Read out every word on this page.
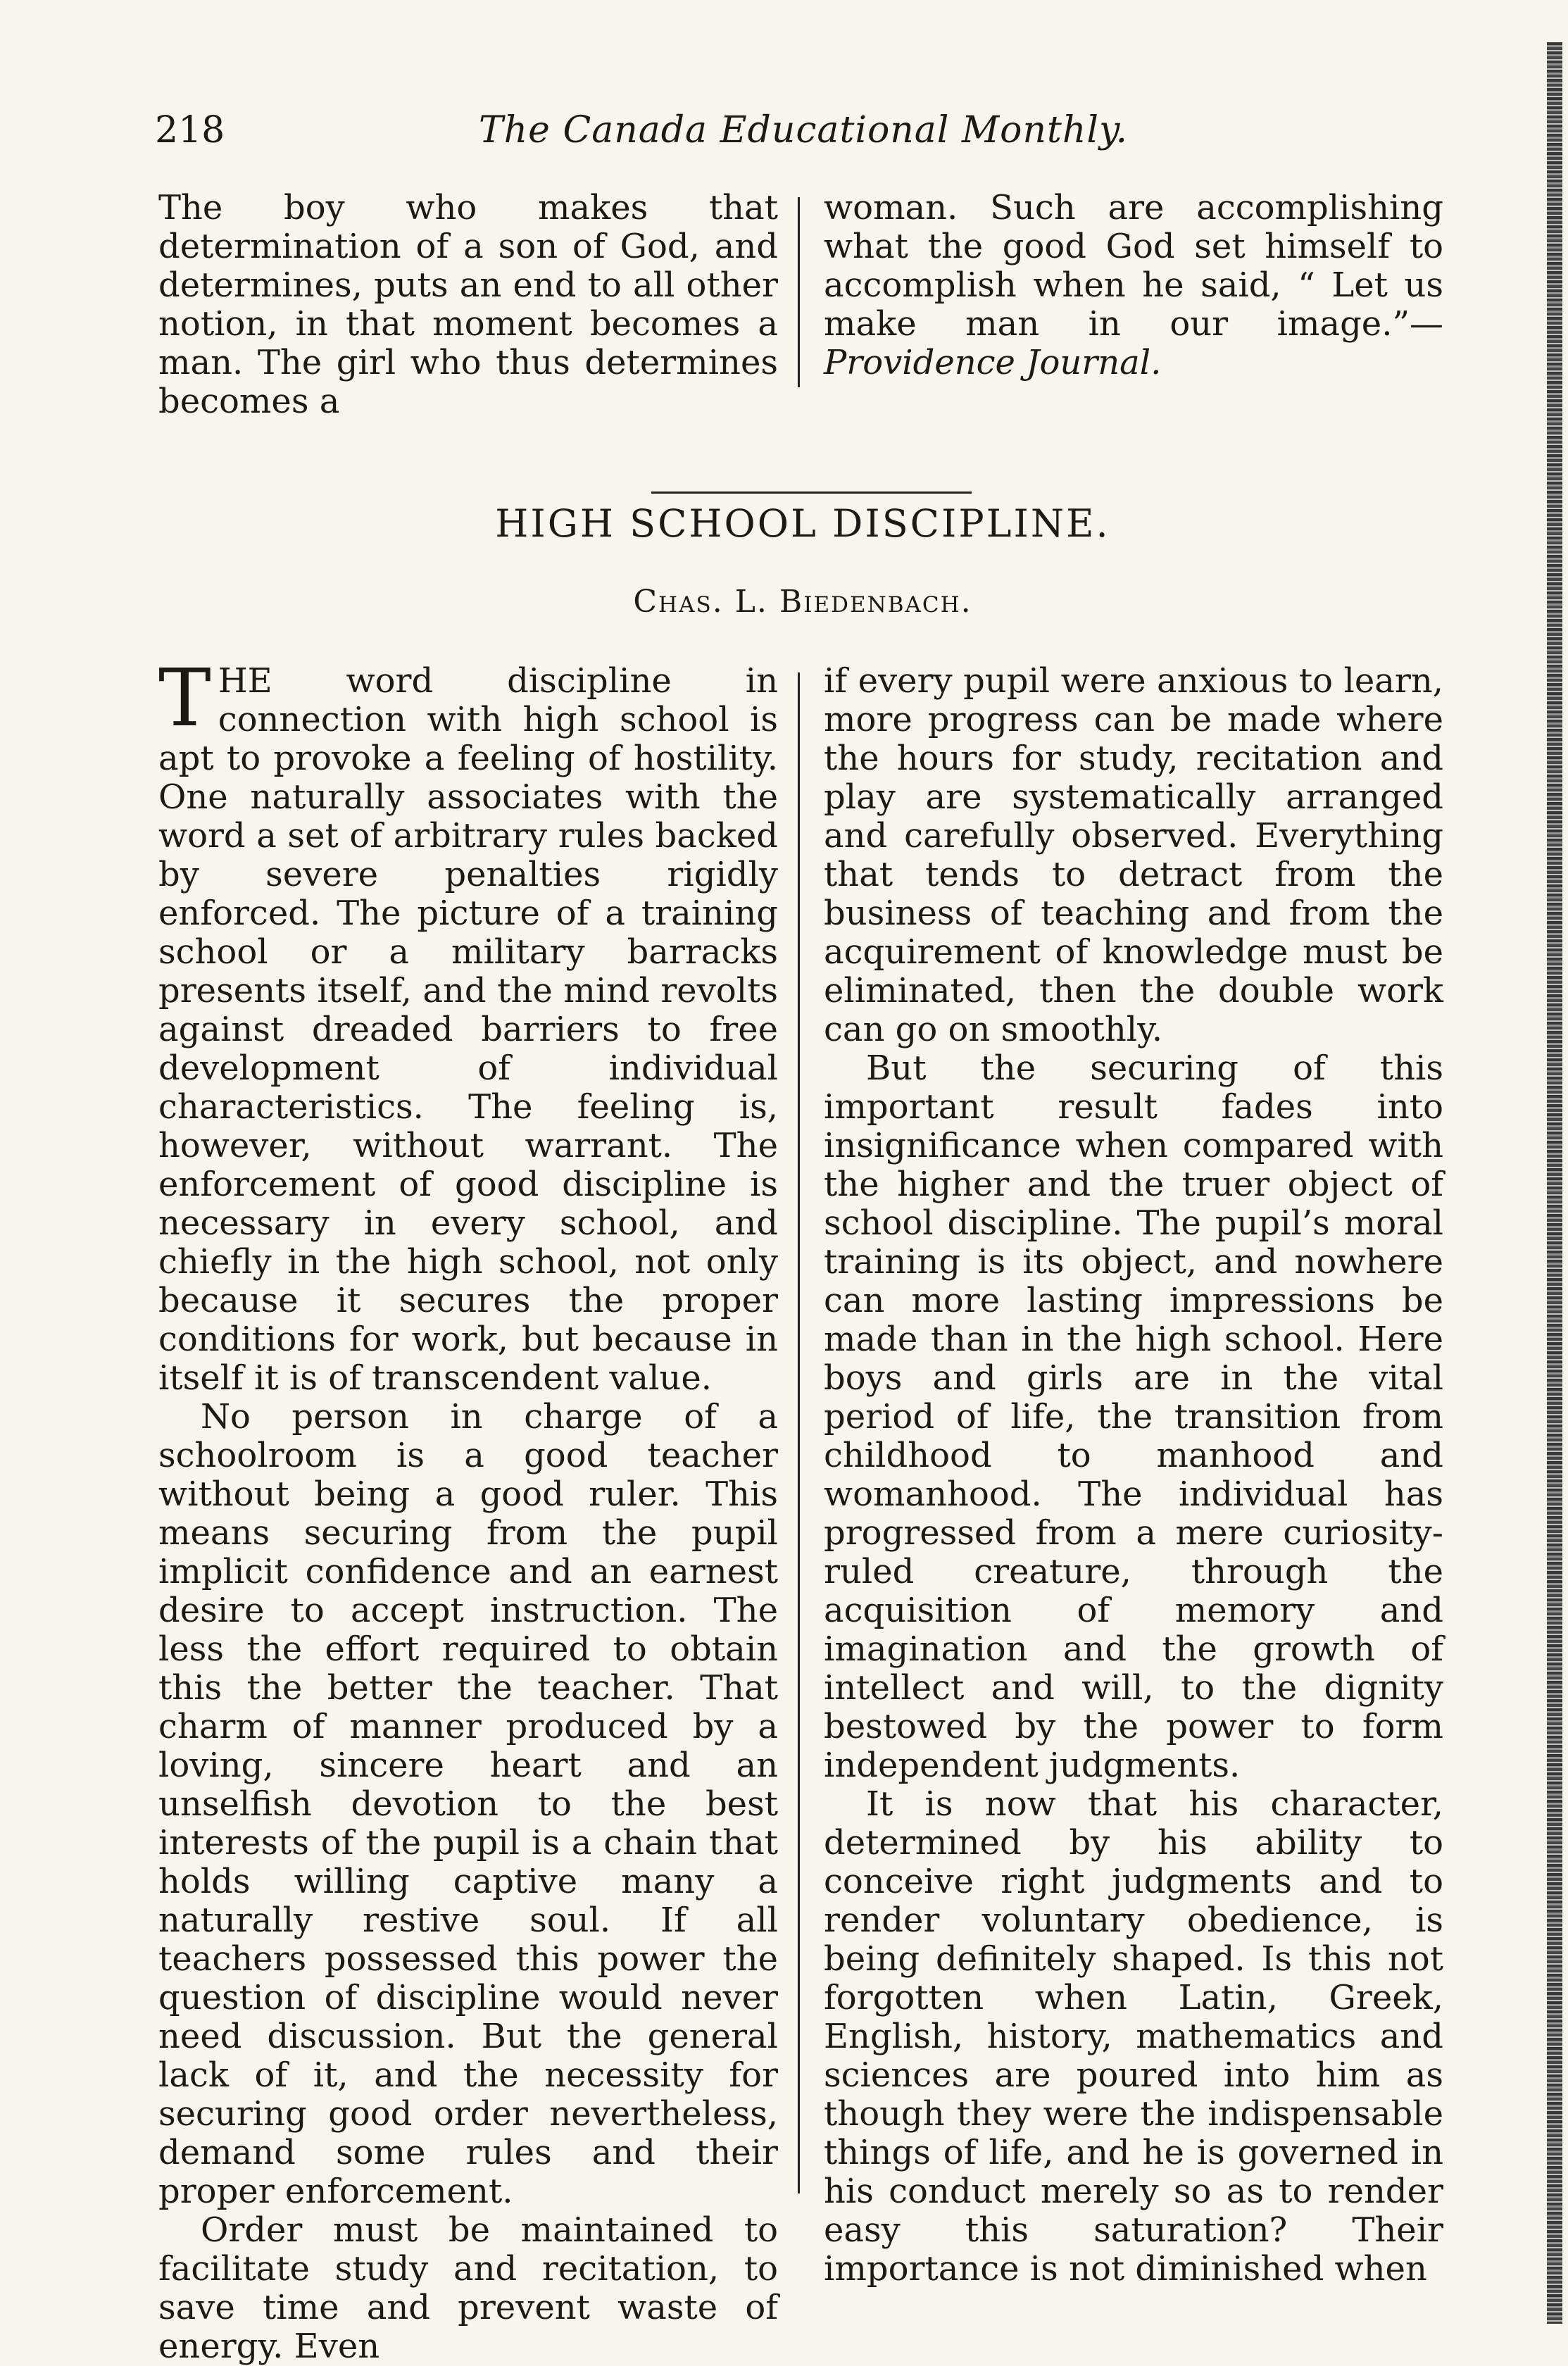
218	The Canada Educational Monthly.

The boy who makes that determination of a son of God, and determines, puts an end to all other notion, in that moment becomes a man. The girl who thus determines becomes a

woman. Such are accomplishing what the good God set himself to accomplish when he said, “ Let us make man in our image.”—Providence Journal.

HIGH SCHOOL DISCIPLINE.
Chas. L. Biedenbach.

THE word discipline in connection with high school is apt to provoke a feeling of hostility. One naturally associates with the word a set of arbitrary rules backed by severe penalties rigidly enforced. The picture of a training school or a military barracks presents itself, and the mind revolts against dreaded barriers to free development of individual characteristics. The feeling is, however, without warrant. The enforcement of good discipline is necessary in every school, and chiefly in the high school, not only because it secures the proper conditions for work, but because in itself it is of transcendent value.

No person in charge of a schoolroom is a good teacher without being a good ruler. This means securing from the pupil implicit confidence and an earnest desire to accept instruction. The less the effort required to obtain this the better the teacher. That charm of manner produced by a loving, sincere heart and an unselfish devotion to the best interests of the pupil is a chain that holds willing captive many a naturally restive soul. If all teachers possessed this power the question of discipline would never need discussion. But the general lack of it, and the necessity for securing good order nevertheless, demand some rules and their proper enforcement.

Order must be maintained to facilitate study and recitation, to save time and prevent waste of energy. Even

if every pupil were anxious to learn, more progress can be made where the hours for study, recitation and play are systematically arranged and carefully observed. Everything that tends to detract from the business of teaching and from the acquirement of knowledge must be eliminated, then the double work can go on smoothly.

But the securing of this important result fades into insignificance when compared with the higher and the truer object of school discipline. The pupil’s moral training is its object, and nowhere can more lasting impressions be made than in the high school. Here boys and girls are in the vital period of life, the transition from childhood to manhood and womanhood. The individual has progressed from a mere curiosity-ruled creature, through the acquisition of memory and imagination and the growth of intellect and will, to the dignity bestowed by the power to form independent judgments.

It is now that his character, determined by his ability to conceive right judgments and to render voluntary obedience, is being definitely shaped. Is this not forgotten when Latin, Greek, English, history, mathematics and sciences are poured into him as though they were the indispensable things of life, and he is governed in his conduct merely so as to render easy this saturation? Their importance is not diminished when
